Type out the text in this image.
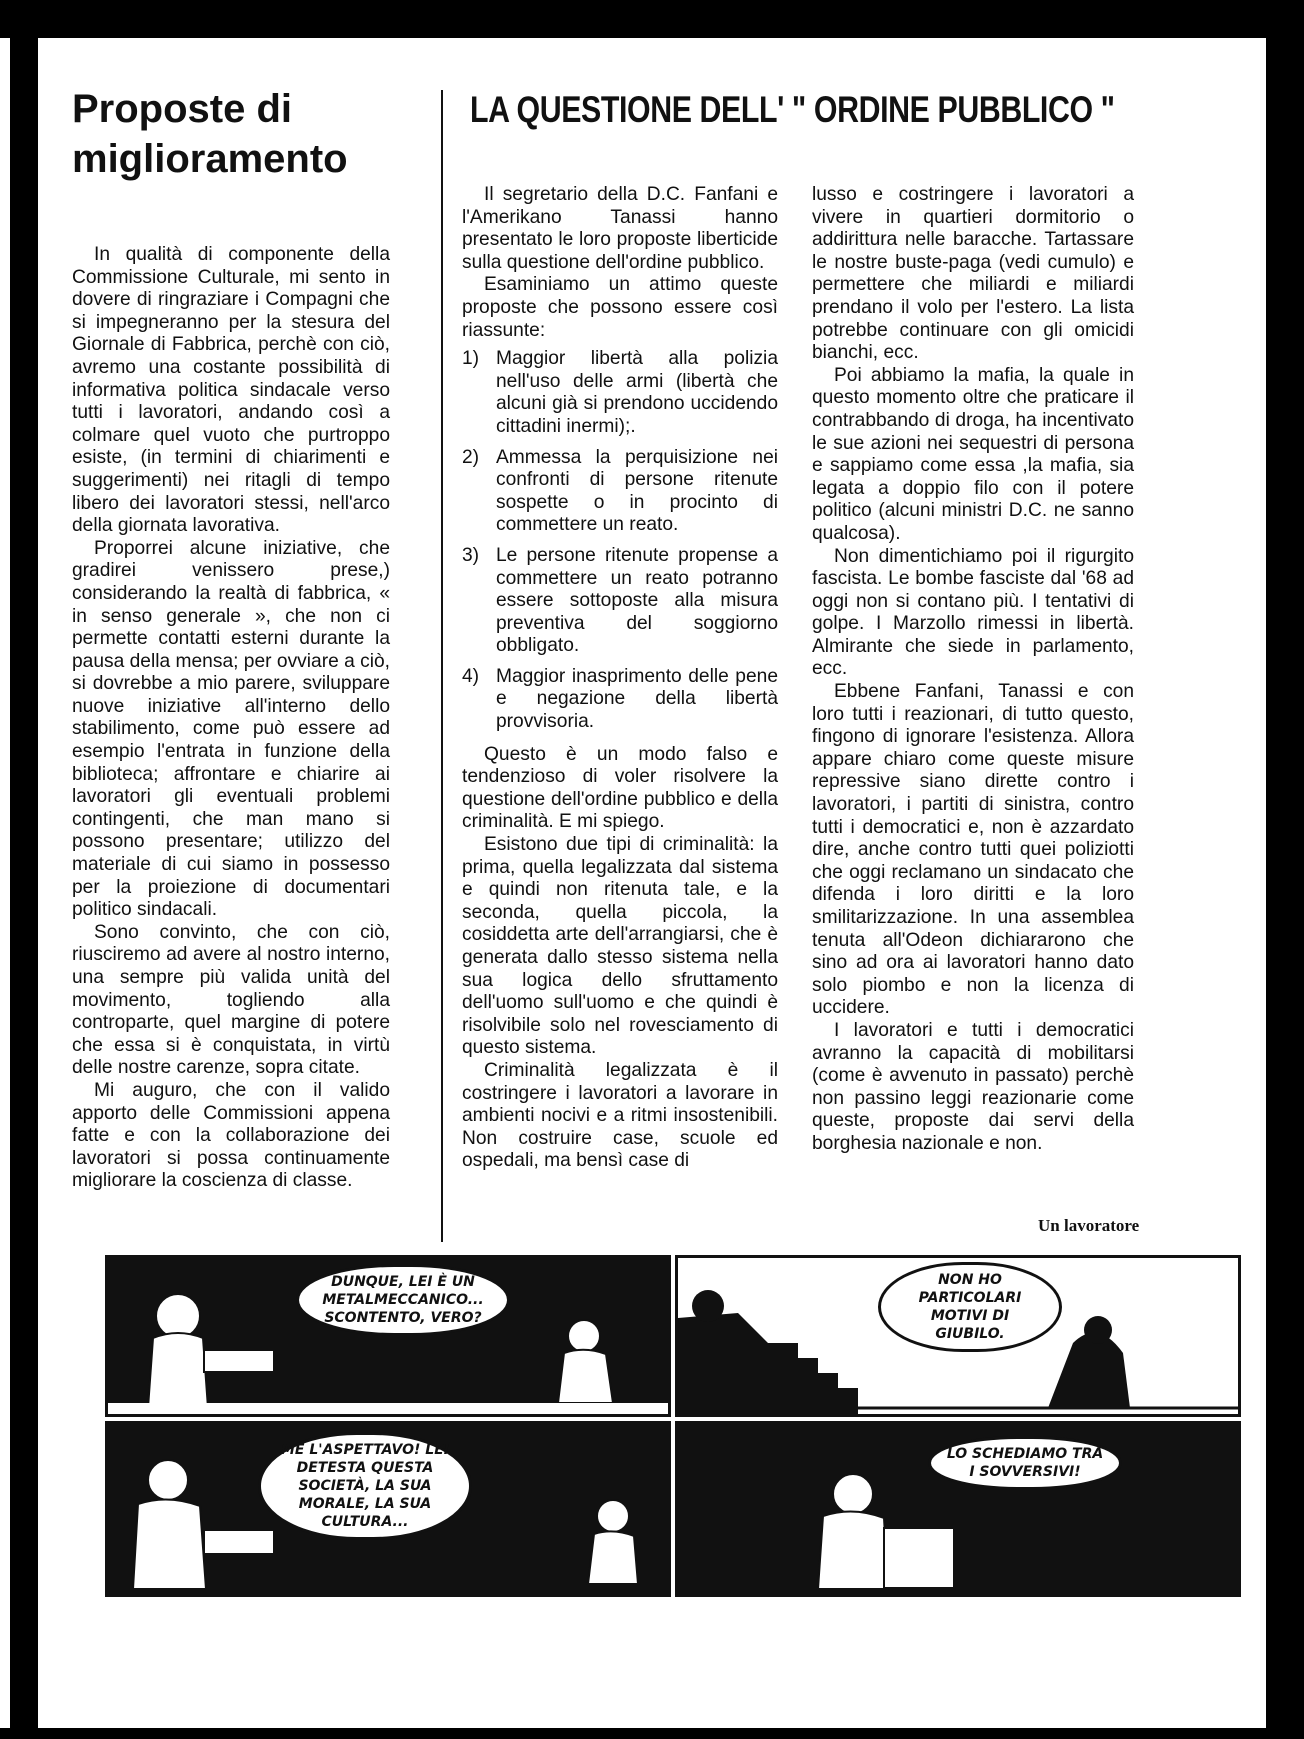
Proposte di miglioramento

In qualità di componente della Commissione Culturale, mi sento in dovere di ringraziare i Compagni che si impegneranno per la stesura del Giornale di Fabbrica, perchè con ciò, avremo una costante possibilità di informativa politica sindacale verso tutti i lavoratori, andando così a colmare quel vuoto che purtroppo esiste, (in termini di chiarimenti e suggerimenti) nei ritagli di tempo libero dei lavoratori stessi, nell'arco della giornata lavorativa.

Proporrei alcune iniziative, che gradirei venissero prese,) considerando la realtà di fabbrica, « in senso generale », che non ci permette contatti esterni durante la pausa della mensa; per ovviare a ciò, si dovrebbe a mio parere, sviluppare nuove iniziative all'interno dello stabilimento, come può essere ad esempio l'entrata in funzione della biblioteca; affrontare e chiarire ai lavoratori gli eventuali problemi contingenti, che man mano si possono presentare; utilizzo del materiale di cui siamo in possesso per la proiezione di documentari politico sindacali.

Sono convinto, che con ciò, riusciremo ad avere al nostro interno, una sempre più valida unità del movimento, togliendo alla controparte, quel margine di potere che essa si è conquistata, in virtù delle nostre carenze, sopra citate.

Mi auguro, che con il valido apporto delle Commissioni appena fatte e con la collaborazione dei lavoratori si possa continuamente migliorare la coscienza di classe.

LA QUESTIONE DELL' " ORDINE PUBBLICO "

Il segretario della D.C. Fanfani e l'Amerikano Tanassi hanno presentato le loro proposte liberticide sulla questione dell'ordine pubblico.

Esaminiamo un attimo queste proposte che possono essere così riassunte:

1) Maggior libertà alla polizia nell'uso delle armi (libertà che alcuni già si prendono uccidendo cittadini inermi);.
2) Ammessa la perquisizione nei confronti di persone ritenute sospette o in procinto di commettere un reato.
3) Le persone ritenute propense a commettere un reato potranno essere sottoposte alla misura preventiva del soggiorno obbligato.
4) Maggior inasprimento delle pene e negazione della libertà provvisoria.

Questo è un modo falso e tendenzioso di voler risolvere la questione dell'ordine pubblico e della criminalità. E mi spiego.

Esistono due tipi di criminalità: la prima, quella legalizzata dal sistema e quindi non ritenuta tale, e la seconda, quella piccola, la cosiddetta arte dell'arrangiarsi, che è generata dallo stesso sistema nella sua logica dello sfruttamento dell'uomo sull'uomo e che quindi è risolvibile solo nel rovesciamento di questo sistema.

Criminalità legalizzata è il costringere i lavoratori a lavorare in ambienti nocivi e a ritmi insostenibili. Non costruire case, scuole ed ospedali, ma bensì case di

lusso e costringere i lavoratori a vivere in quartieri dormitorio o addirittura nelle baracche. Tartassare le nostre buste-paga (vedi cumulo) e permettere che miliardi e miliardi prendano il volo per l'estero. La lista potrebbe continuare con gli omicidi bianchi, ecc.

Poi abbiamo la mafia, la quale in questo momento oltre che praticare il contrabbando di droga, ha incentivato le sue azioni nei sequestri di persona e sappiamo come essa ,la mafia, sia legata a doppio filo con il potere politico (alcuni ministri D.C. ne sanno qualcosa).

Non dimentichiamo poi il rigurgito fascista. Le bombe fasciste dal '68 ad oggi non si contano più. I tentativi di golpe. I Marzollo rimessi in libertà. Almirante che siede in parlamento, ecc.

Ebbene Fanfani, Tanassi e con loro tutti i reazionari, di tutto questo, fingono di ignorare l'esistenza. Allora appare chiaro come queste misure repressive siano dirette contro i lavoratori, i partiti di sinistra, contro tutti i democratici e, non è azzardato dire, anche contro tutti quei poliziotti che oggi reclamano un sindacato che difenda i loro diritti e la loro smilitarizzazione. In una assemblea tenuta all'Odeon dichiararono che sino ad ora ai lavoratori hanno dato solo piombo e non la licenza di uccidere.

I lavoratori e tutti i democratici avranno la capacità di mobilitarsi (come è avvenuto in passato) perchè non passino leggi reazionarie come queste, proposte dai servi della borghesia nazionale e non.

Un lavoratore
DUNQUE, LEI È UN METALMECCANICO... SCONTENTO, VERO?
NON HO PARTICOLARI MOTIVI DI GIUBILO.
ME L'ASPETTAVO! LEI DETESTA QUESTA SOCIETÀ, LA SUA MORALE, LA SUA CULTURA...
LO SCHEDIAMO TRA I SOVVERSIVI!
